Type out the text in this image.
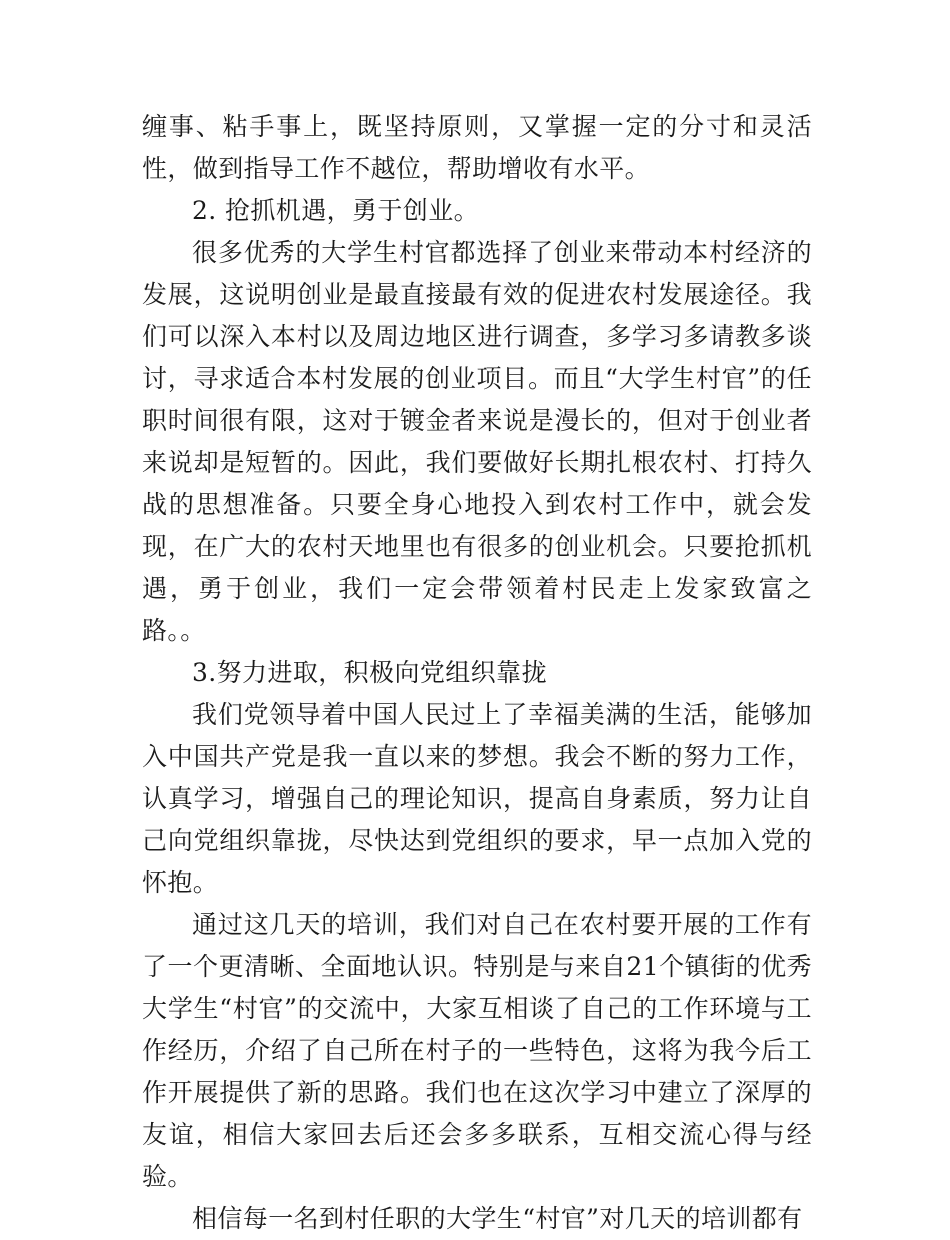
缠事、粘手事上，既坚持原则，又掌握一定的分寸和灵活性，做到指导工作不越位，帮助增收有水平。

2. 抢抓机遇，勇于创业。

很多优秀的大学生村官都选择了创业来带动本村经济的发展，这说明创业是最直接最有效的促进农村发展途径。我们可以深入本村以及周边地区进行调查，多学习多请教多谈讨，寻求适合本村发展的创业项目。而且“大学生村官”的任职时间很有限，这对于镀金者来说是漫长的，但对于创业者来说却是短暂的。因此，我们要做好长期扎根农村、打持久战的思想准备。只要全身心地投入到农村工作中，就会发现，在广大的农村天地里也有很多的创业机会。只要抢抓机遇，勇于创业，我们一定会带领着村民走上发家致富之路。。

3.努力进取，积极向党组织靠拢

我们党领导着中国人民过上了幸福美满的生活，能够加入中国共产党是我一直以来的梦想。我会不断的努力工作，认真学习，增强自己的理论知识，提高自身素质，努力让自己向党组织靠拢，尽快达到党组织的要求，早一点加入党的怀抱。

通过这几天的培训，我们对自己在农村要开展的工作有了一个更清晰、全面地认识。特别是与来自21个镇街的优秀大学生“村官”的交流中，大家互相谈了自己的工作环境与工作经历，介绍了自己所在村子的一些特色，这将为我今后工作开展提供了新的思路。我们也在这次学习中建立了深厚的友谊，相信大家回去后还会多多联系，互相交流心得与经验。

相信每一名到村任职的大学生“村官”对几天的培训都有
